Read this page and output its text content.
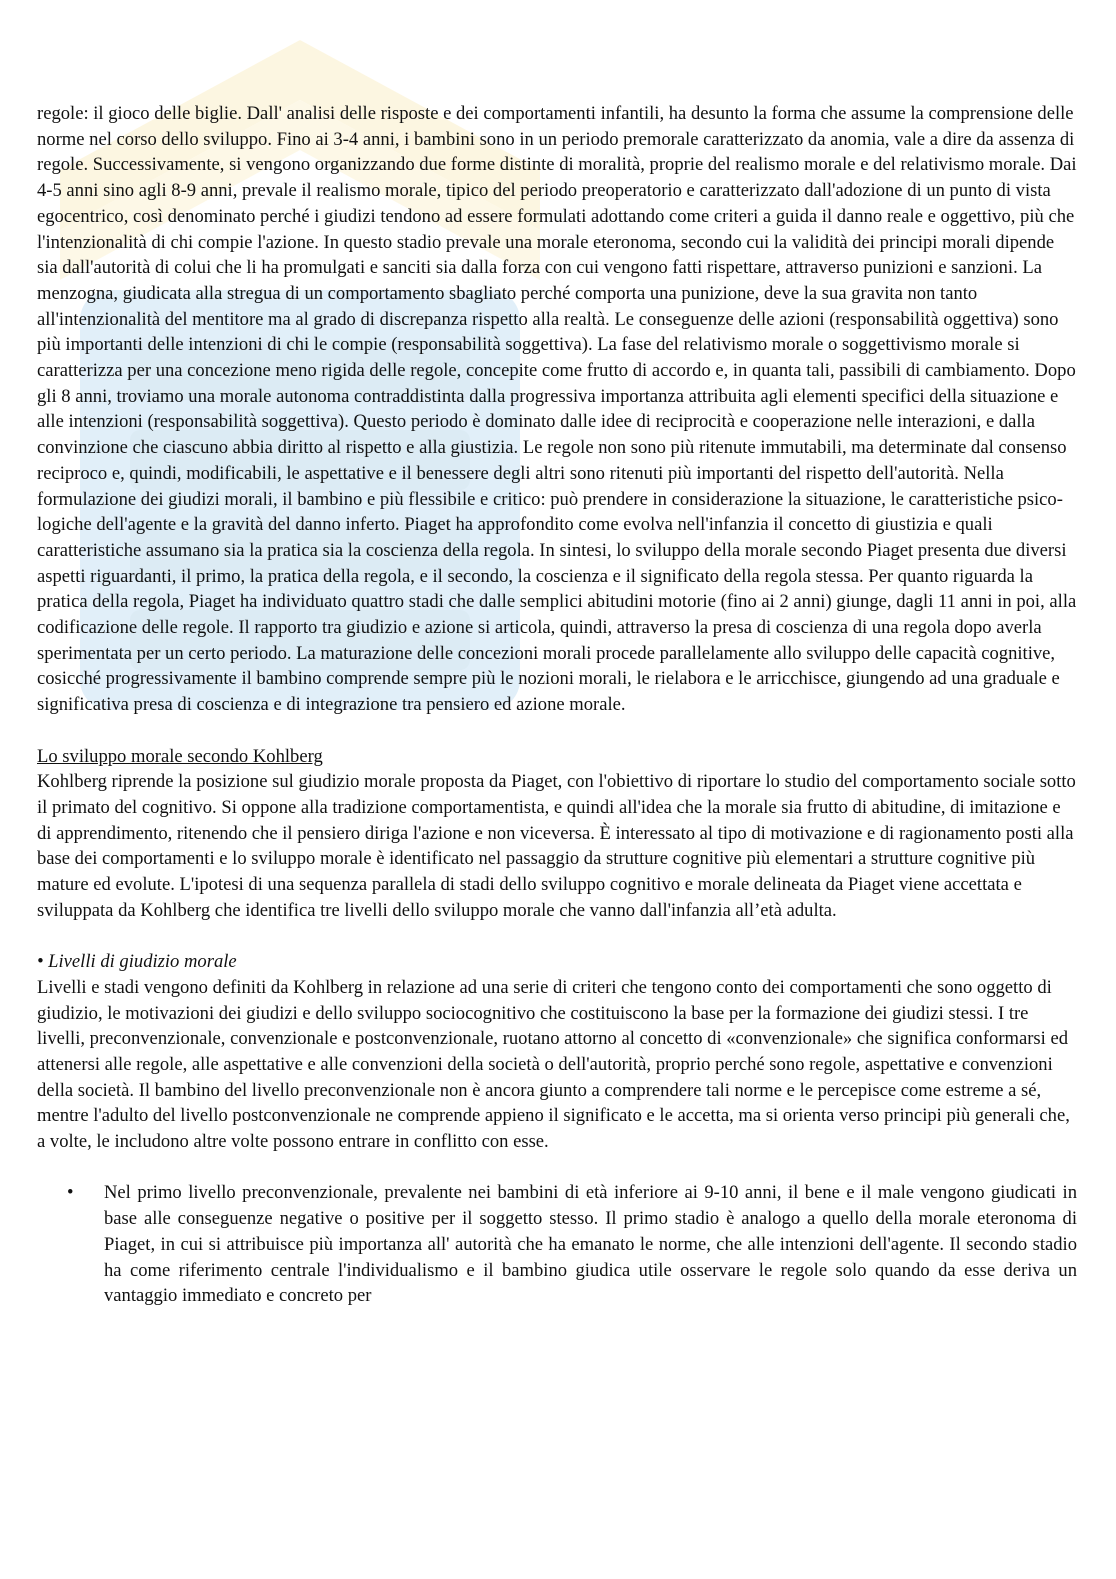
regole: il gioco delle biglie. Dall' analisi delle risposte e dei comportamenti infantili, ha desunto la forma che assume la comprensione delle norme nel corso dello sviluppo. Fino ai 3-4 anni, i bambini sono in un periodo premorale caratterizzato da anomia, vale a dire da assenza di regole. Successivamente, si vengono organizzando due forme distinte di moralità, proprie del realismo morale e del relativismo morale. Dai 4-5 anni sino agli 8-9 anni, prevale il realismo morale, tipico del periodo preoperatorio e caratterizzato dall'adozione di un punto di vista egocentrico, così denominato perché i giudizi tendono ad essere formulati adottando come criteri a guida il danno reale e oggettivo, più che l'intenzionalità di chi compie l'azione. In questo stadio prevale una morale eteronoma, secondo cui la validità dei principi morali dipende sia dall'autorità di colui che li ha promulgati e sanciti sia dalla forza con cui vengono fatti rispettare, attraverso punizioni e sanzioni. La menzogna, giudicata alla stregua di un comportamento sbagliato perché comporta una punizione, deve la sua gravita non tanto all'intenzionalità del mentitore ma al grado di discrepanza rispetto alla realtà. Le conseguenze delle azioni (responsabilità oggettiva) sono più importanti delle intenzioni di chi le compie (responsabilità soggettiva). La fase del relativismo morale o soggettivismo morale si caratterizza per una concezione meno rigida delle regole, concepite come frutto di accordo e, in quanta tali, passibili di cambiamento. Dopo gli 8 anni, troviamo una morale autonoma contraddistinta dalla progressiva importanza attribuita agli elementi specifici della situazione e alle intenzioni (responsabilità soggettiva). Questo periodo è dominato dalle idee di reciprocità e cooperazione nelle interazioni, e dalla convinzione che ciascuno abbia diritto al rispetto e alla giustizia. Le regole non sono più ritenute immutabili, ma determinate dal consenso reciproco e, quindi, modificabili, le aspettative e il benessere degli altri sono ritenuti più importanti del rispetto dell'autorità. Nella formulazione dei giudizi morali, il bambino e più flessibile e critico: può prendere in considerazione la situazione, le caratteristiche psico-logiche dell'agente e la gravità del danno inferto. Piaget ha approfondito come evolva nell'infanzia il concetto di giustizia e quali caratteristiche assumano sia la pratica sia la coscienza della regola. In sintesi, lo sviluppo della morale secondo Piaget presenta due diversi aspetti riguardanti, il primo, la pratica della regola, e il secondo, la coscienza e il significato della regola stessa. Per quanto riguarda la pratica della regola, Piaget ha individuato quattro stadi che dalle semplici abitudini motorie (fino ai 2 anni) giunge, dagli 11 anni in poi, alla codificazione delle regole. Il rapporto tra giudizio e azione si articola, quindi, attraverso la presa di coscienza di una regola dopo averla sperimentata per un certo periodo. La maturazione delle concezioni morali procede parallelamente allo sviluppo delle capacità cognitive, cosicché progressivamente il bambino comprende sempre più le nozioni morali, le rielabora e le arricchisce, giungendo ad una graduale e significativa presa di coscienza e di integrazione tra pensiero ed azione morale.

Lo sviluppo morale secondo Kohlberg

Kohlberg riprende la posizione sul giudizio morale proposta da Piaget, con l'obiettivo di riportare lo studio del comportamento sociale sotto il primato del cognitivo. Si oppone alla tradizione comportamentista, e quindi all'idea che la morale sia frutto di abitudine, di imitazione e di apprendimento, ritenendo che il pensiero diriga l'azione e non viceversa. È interessato al tipo di motivazione e di ragionamento posti alla base dei comportamenti e lo sviluppo morale è identificato nel passaggio da strutture cognitive più elementari a strutture cognitive più mature ed evolute. L'ipotesi di una sequenza parallela di stadi dello sviluppo cognitivo e morale delineata da Piaget viene accettata e sviluppata da Kohlberg che identifica tre livelli dello sviluppo morale che vanno dall'infanzia all’età adulta.

• Livelli di giudizio morale

Livelli e stadi vengono definiti da Kohlberg in relazione ad una serie di criteri che tengono conto dei comportamenti che sono oggetto di giudizio, le motivazioni dei giudizi e dello sviluppo sociocognitivo che costituiscono la base per la formazione dei giudizi stessi. I tre livelli, preconvenzionale, convenzionale e postconvenzionale, ruotano attorno al concetto di «convenzionale» che significa conformarsi ed attenersi alle regole, alle aspettative e alle convenzioni della società o dell'autorità, proprio perché sono regole, aspettative e convenzioni della società. Il bambino del livello preconvenzionale non è ancora giunto a comprendere tali norme e le percepisce come estreme a sé, mentre l'adulto del livello postconvenzionale ne comprende appieno il significato e le accetta, ma si orienta verso principi più generali che, a volte, le includono altre volte possono entrare in conflitto con esse.

• Nel primo livello preconvenzionale, prevalente nei bambini di età inferiore ai 9-10 anni, il bene e il male vengono giudicati in base alle conseguenze negative o positive per il soggetto stesso. Il primo stadio è analogo a quello della morale eteronoma di Piaget, in cui si attribuisce più importanza all' autorità che ha emanato le norme, che alle intenzioni dell'agente. Il secondo stadio ha come riferimento centrale l'individualismo e il bambino giudica utile osservare le regole solo quando da esse deriva un vantaggio immediato e concreto per
